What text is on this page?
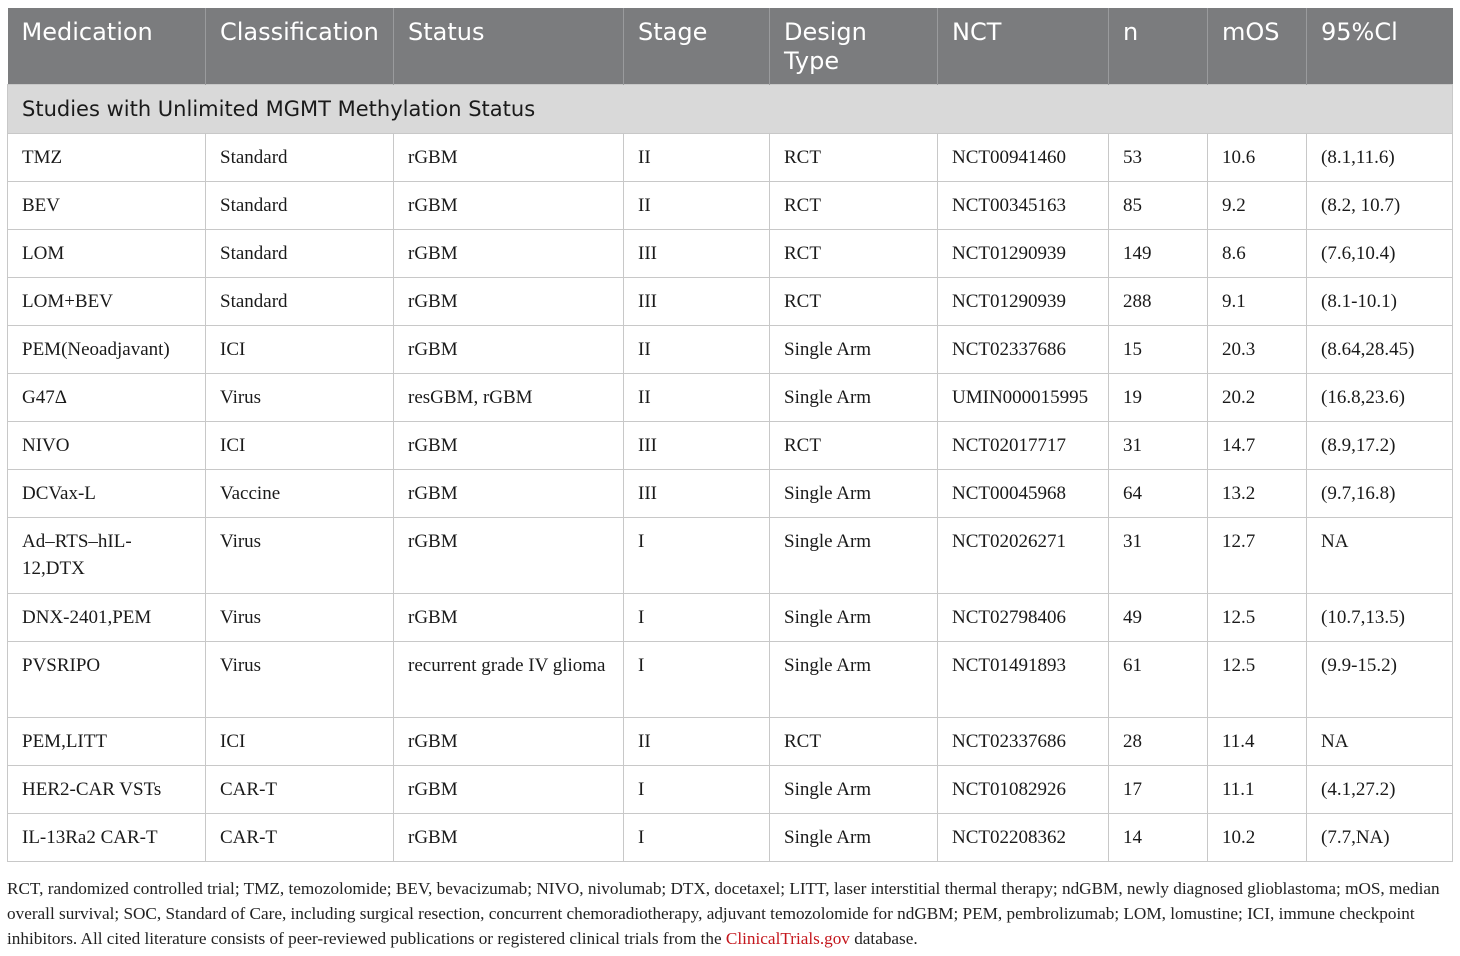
Medication	Classification	Status	Stage	Design Type	NCT	n	mOS	95%Cl
Studies with Unlimited MGMT Methylation Status								
TMZ	Standard	rGBM	II	RCT	NCT00941460	53	10.6	(8.1,11.6)
BEV	Standard	rGBM	II	RCT	NCT00345163	85	9.2	(8.2, 10.7)
LOM	Standard	rGBM	III	RCT	NCT01290939	149	8.6	(7.6,10.4)
LOM+BEV	Standard	rGBM	III	RCT	NCT01290939	288	9.1	(8.1-10.1)
PEM(Neoadjavant)	ICI	rGBM	II	Single Arm	NCT02337686	15	20.3	(8.64,28.45)
G47Δ	Virus	resGBM, rGBM	II	Single Arm	UMIN000015995	19	20.2	(16.8,23.6)
NIVO	ICI	rGBM	III	RCT	NCT02017717	31	14.7	(8.9,17.2)
DCVax-L	Vaccine	rGBM	III	Single Arm	NCT00045968	64	13.2	(9.7,16.8)
Ad–RTS–hIL-12,DTX	Virus	rGBM	I	Single Arm	NCT02026271	31	12.7	NA
DNX-2401,PEM	Virus	rGBM	I	Single Arm	NCT02798406	49	12.5	(10.7,13.5)
PVSRIPO	Virus	recurrent grade IV glioma	I	Single Arm	NCT01491893	61	12.5	(9.9-15.2)
PEM,LITT	ICI	rGBM	II	RCT	NCT02337686	28	11.4	NA
HER2-CAR VSTs	CAR-T	rGBM	I	Single Arm	NCT01082926	17	11.1	(4.1,27.2)
IL-13Ra2 CAR-T	CAR-T	rGBM	I	Single Arm	NCT02208362	14	10.2	(7.7,NA)
RCT, randomized controlled trial; TMZ, temozolomide; BEV, bevacizumab; NIVO, nivolumab; DTX, docetaxel; LITT, laser interstitial thermal therapy; ndGBM, newly diagnosed glioblastoma; mOS, median overall survival; SOC, Standard of Care, including surgical resection, concurrent chemoradiotherapy, adjuvant temozolomide for ndGBM; PEM, pembrolizumab; LOM, lomustine; ICI, immune checkpoint inhibitors. All cited literature consists of peer-reviewed publications or registered clinical trials from the ClinicalTrials.gov database.
